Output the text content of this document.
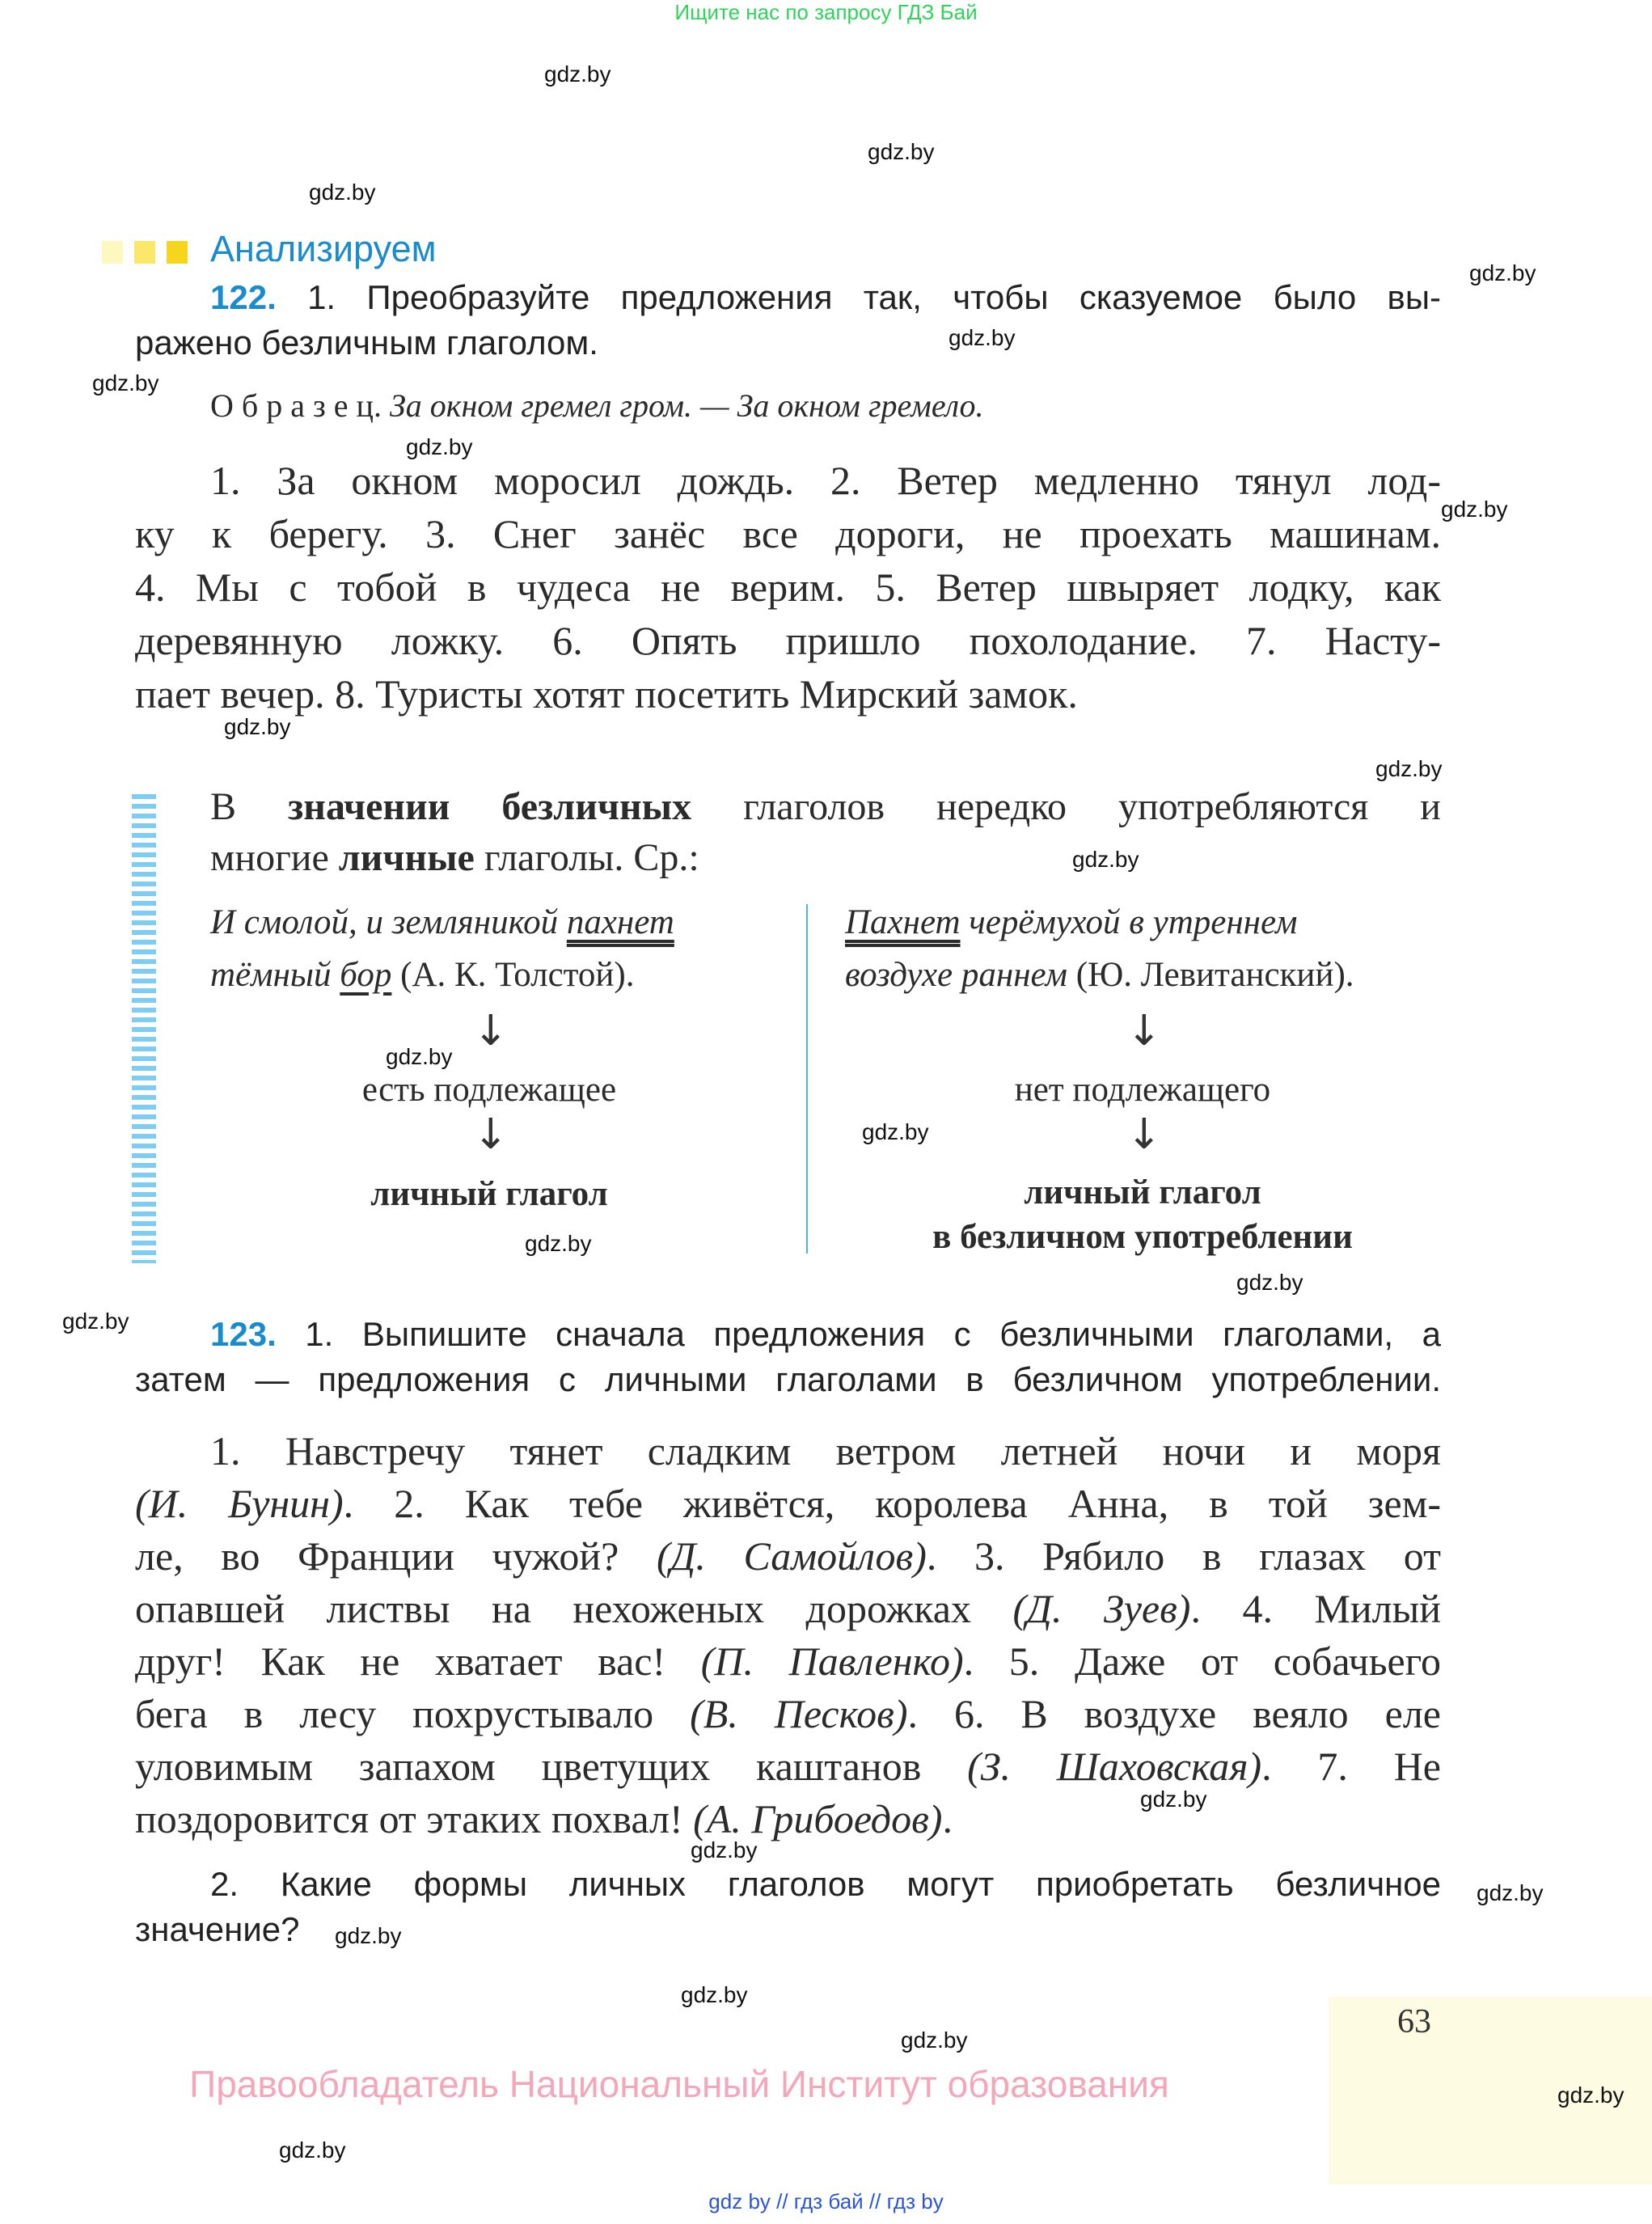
Ищите нас по запросу ГДЗ Бай
Анализируем
122. 1. Преобразуйте предложения так, чтобы сказуемое было вы-
ражено безличным глаголом.
О б р а з е ц. За окном гремел гром. — За окном гремело.
1. За окном моросил дождь. 2. Ветер медленно тянул лод-
ку к берегу. 3. Снег занёс все дороги, не проехать машинам.
4. Мы с тобой в чудеса не верим. 5. Ветер швыряет лодку, как
деревянную ложку. 6. Опять пришло похолодание. 7. Насту-
пает вечер. 8. Туристы хотят посетить Мирский замок.
В значении безличных глаголов нередко употребляются и
многие личные глаголы. Ср.:
И смолой, и земляникой пахнет
тёмный бор (А. К. Толстой).
Пахнет черёмухой в утреннем
воздухе раннем (Ю. Левитанский).
↓
есть подлежащее
↓
личный глагол
↓
нет подлежащего
↓
личный глагол
в безличном употреблении
123. 1. Выпишите сначала предложения с безличными глаголами, а
затем — предложения с личными глаголами в безличном употреблении.
1. Навстречу тянет сладким ветром летней ночи и моря
(И. Бунин). 2. Как тебе живётся, королева Анна, в той зем-
ле, во Франции чужой? (Д. Самойлов). 3. Рябило в глазах от
опавшей листвы на нехоженых дорожках (Д. Зуев). 4. Милый
друг! Как не хватает вас! (П. Павленко). 5. Даже от собачьего
бега в лесу похрустывало (В. Песков). 6. В воздухе веяло еле
уловимым запахом цветущих каштанов (З. Шаховская). 7. Не
поздоровится от этаких похвал! (А. Грибоедов).
2. Какие формы личных глаголов могут приобретать безличное
значение?
63
Правообладатель Национальный Институт образования
gdz by // гдз бай // гдз by
gdz.by
gdz.by
gdz.by
gdz.by
gdz.by
gdz.by
gdz.by
gdz.by
gdz.by
gdz.by
gdz.by
gdz.by
gdz.by
gdz.by
gdz.by
gdz.by
gdz.by
gdz.by
gdz.by
gdz.by
gdz.by
gdz.by
gdz.by
gdz.by
